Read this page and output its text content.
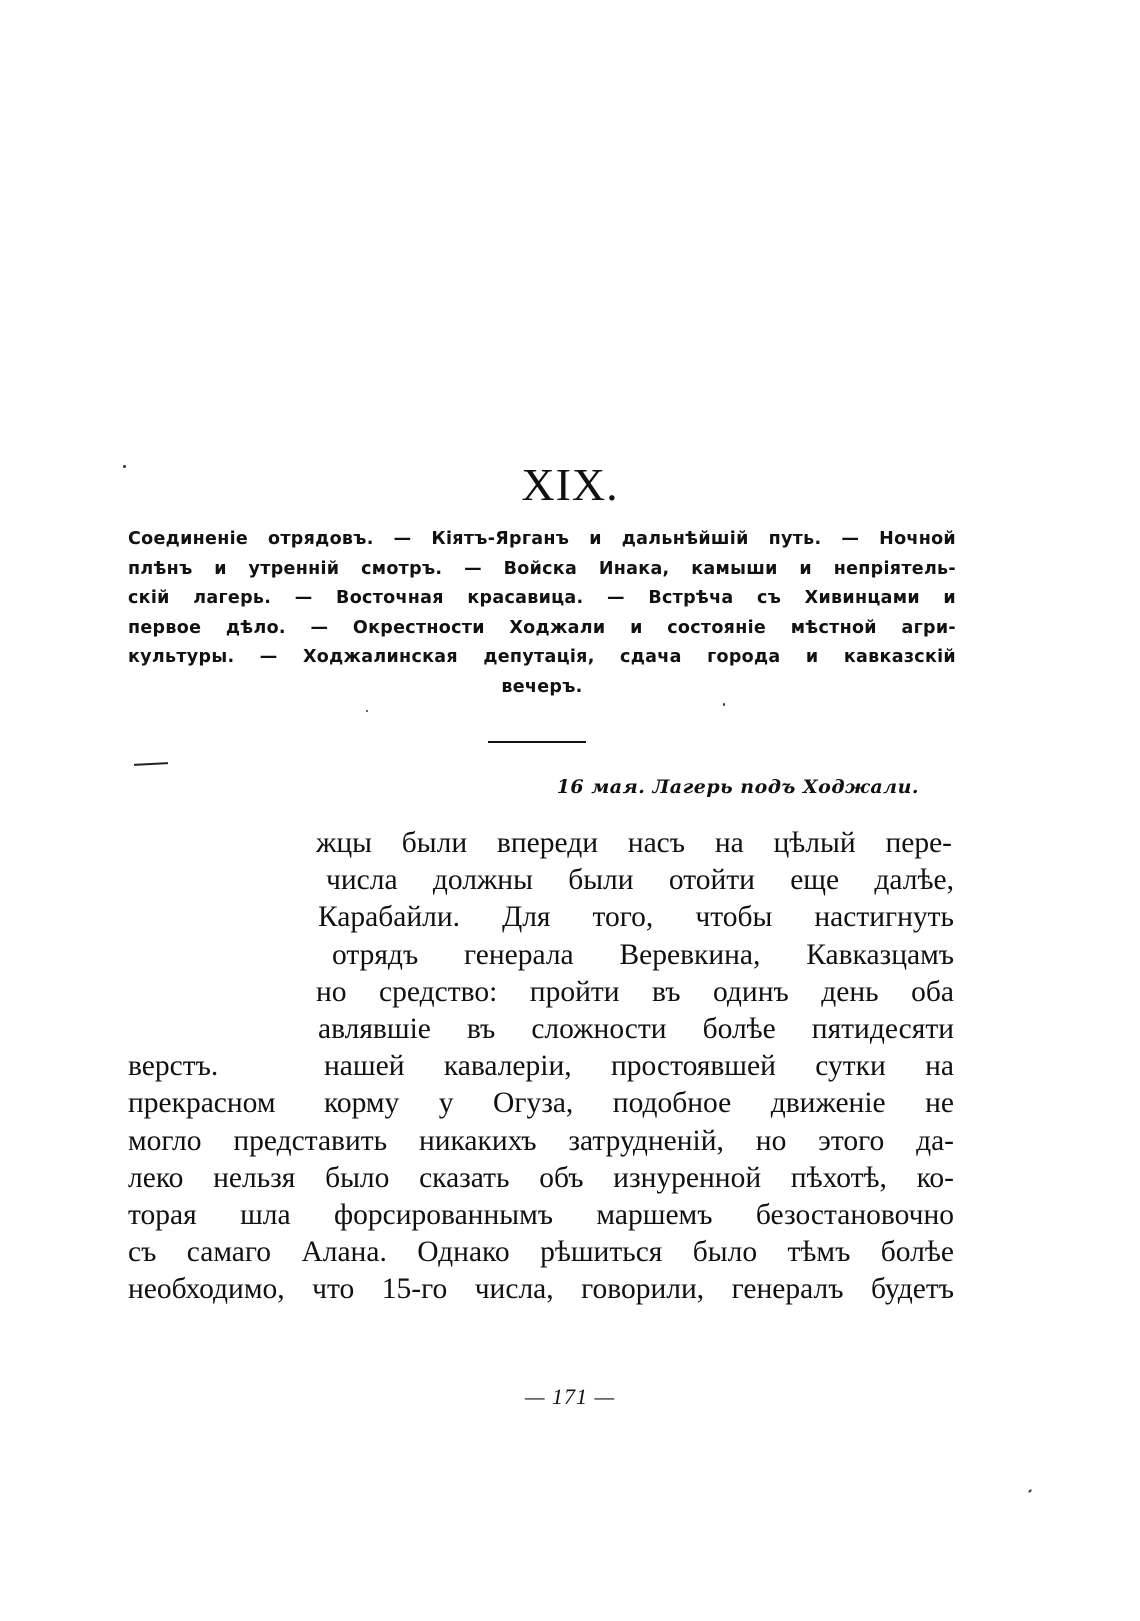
XIX.
Соединенiе отрядовъ. — Кiятъ-Ярганъ и дальнѣйшiй путь. — Ночной
плѣнъ и утреннiй смотръ. — Войска Инака, камыши и непрiятель-
скiй лагерь. — Восточная красавица. — Встрѣча съ Хивинцами и
первое дѣло. — Окрестности Ходжали и состоянiе мѣстной агри-
культуры. — Ходжалинская депутацiя, сдача города и кавказскiй
вечеръ.
16 мая. Лагерь подъ Ходжали.
жцы были впереди насъ на цѣлый пере-
числа должны были отойти еще далѣе,
Карабайли. Для того, чтобы настигнуть
отрядъ генерала Веревкина, Кавказцамъ
но средство: пройти въ одинъ день оба
авлявшiе въ сложности болѣе пятидесяти
верстъ.	нашей кавалерiи, простоявшей сутки на
прекрасном корму у Огуза, подобное движенiе не
могло представить никакихъ затрудненiй, но этого да-
леко нельзя было сказать объ изнуренной пѣхотѣ, ко-
торая шла форсированнымъ маршемъ безостановочно
съ самаго Алана. Однако рѣшиться было тѣмъ болѣе
необходимо, что 15-го числа, говорили, генералъ будетъ
— 171 —
